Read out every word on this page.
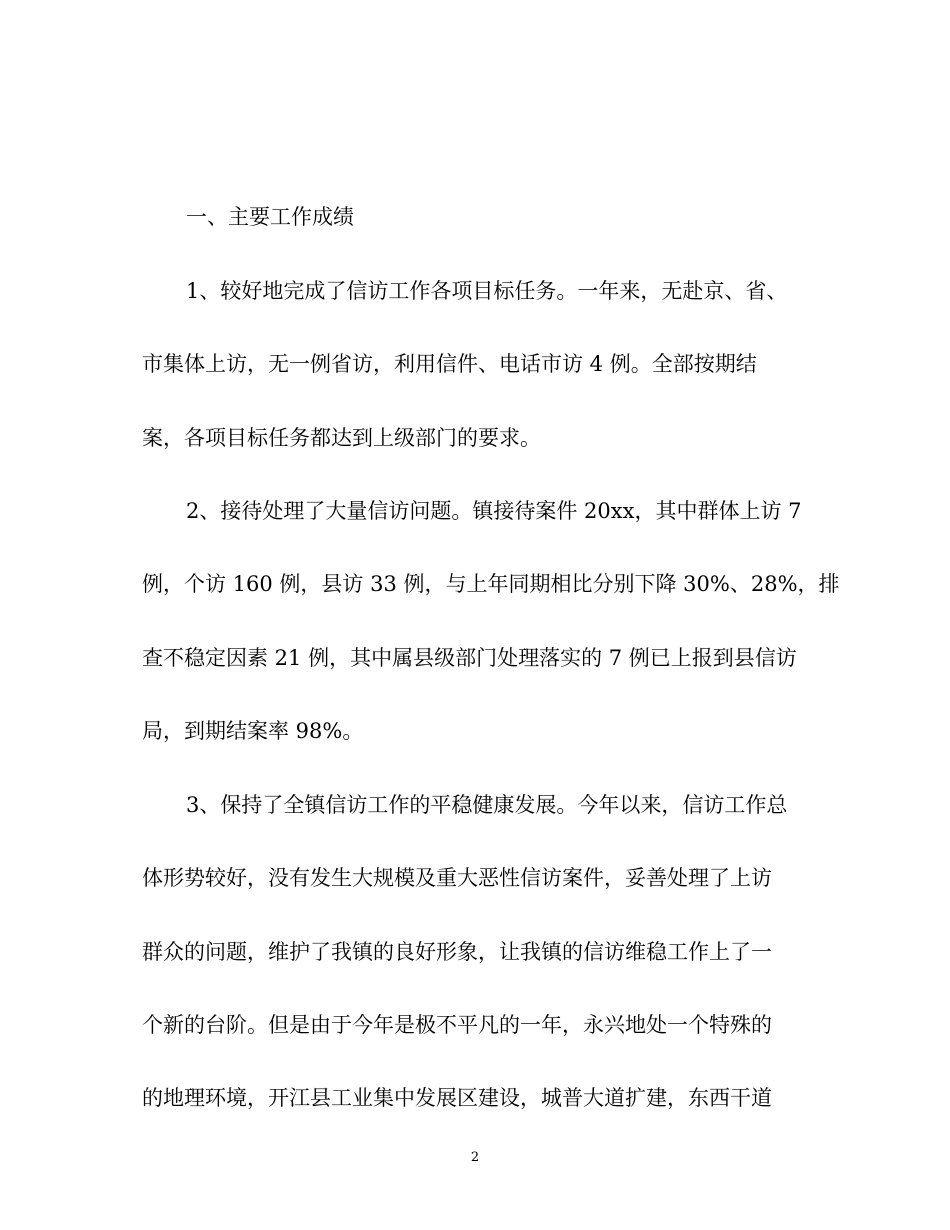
一、主要工作成绩
1、较好地完成了信访工作各项目标任务。一年来，无赴京、省、
市集体上访，无一例省访，利用信件、电话市访 4 例。全部按期结
案，各项目标任务都达到上级部门的要求。
2、接待处理了大量信访问题。镇接待案件 20xx，其中群体上访 7
例，个访 160 例，县访 33 例，与上年同期相比分别下降 30%、28%，排
查不稳定因素 21 例，其中属县级部门处理落实的 7 例已上报到县信访
局，到期结案率 98%。
3、保持了全镇信访工作的平稳健康发展。今年以来，信访工作总
体形势较好，没有发生大规模及重大恶性信访案件，妥善处理了上访
群众的问题，维护了我镇的良好形象，让我镇的信访维稳工作上了一
个新的台阶。但是由于今年是极不平凡的一年，永兴地处一个特殊的
的地理环境，开江县工业集中发展区建设，城普大道扩建，东西干道
2
